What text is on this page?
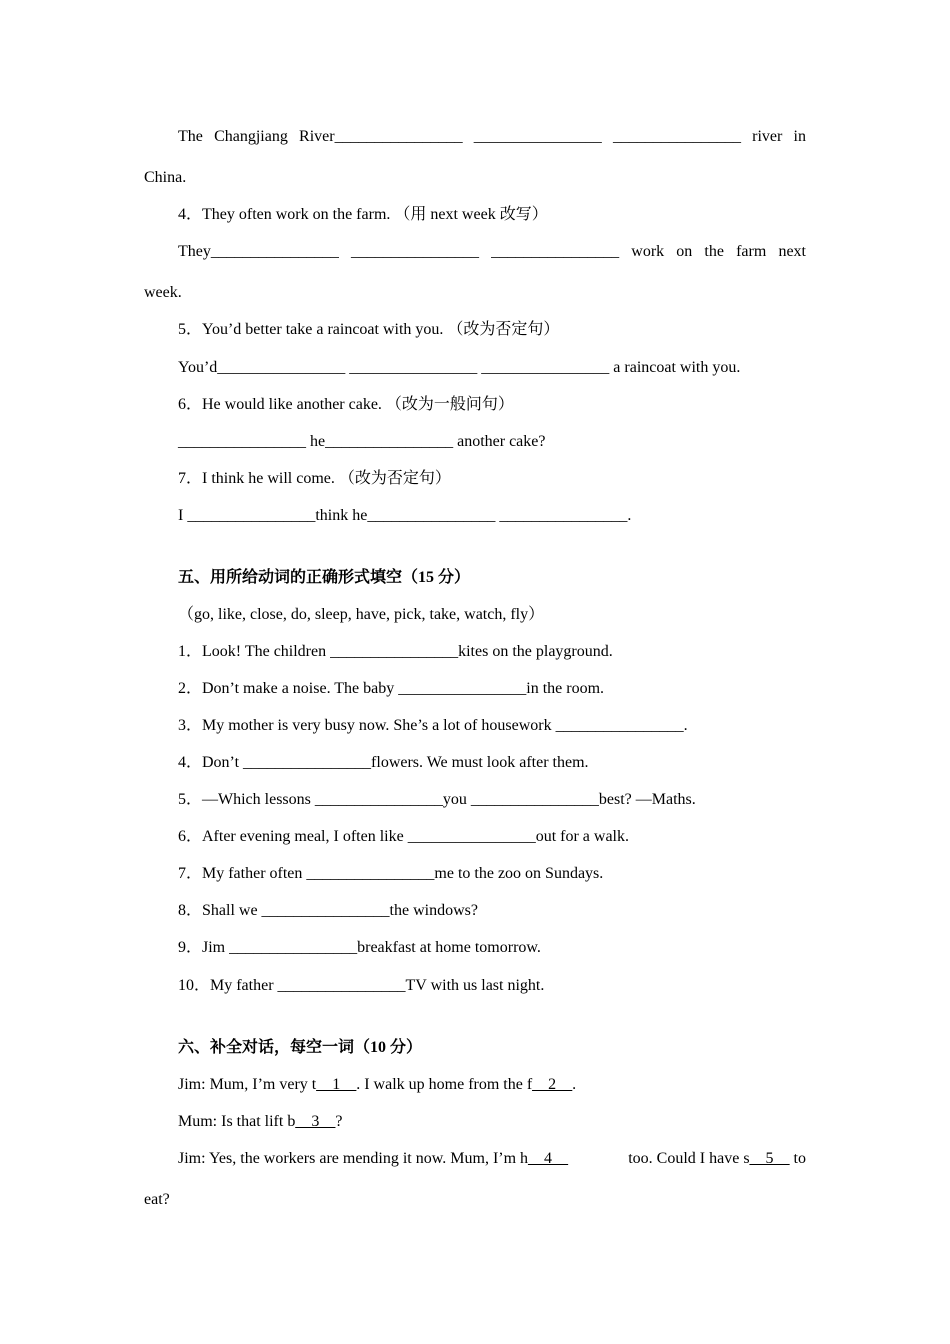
The Changjiang River________________ ________________ ________________ river in
China.
4．They often work on the farm. （用 next week 改写）
They________________ ________________ ________________ work on the farm next
week.
5．You’d better take a raincoat with you. （改为否定句）
You’d________________ ________________ ________________ a raincoat with you.
6．He would like another cake. （改为一般问句）
________________ he________________ another cake?
7．I think he will come. （改为否定句）
I ________________think he________________ ________________.
五、用所给动词的正确形式填空（15 分）
（go, like, close, do, sleep, have, pick, take, watch, fly）
1．Look! The children ________________kites on the playground.
2．Don’t make a noise. The baby ________________in the room.
3．My mother is very busy now. She’s a lot of housework ________________.
4．Don’t ________________flowers. We must look after them.
5．—Which lessons ________________you ________________best? —Maths.
6．After evening meal, I often like ________________out for a walk.
7．My father often ________________me to the zoo on Sundays.
8．Shall we ________________the windows?
9．Jim ________________breakfast at home tomorrow.
10．My father ________________TV with us last night.
六、补全对话，每空一词（10 分）
Jim: Mum, I’m very t__1__. I walk up home from the f__2__.
Mum: Is that lift b__3__?
Jim: Yes, the workers are mending it now. Mum, I’m h__4__	too. Could I have s__5__ to
eat?
